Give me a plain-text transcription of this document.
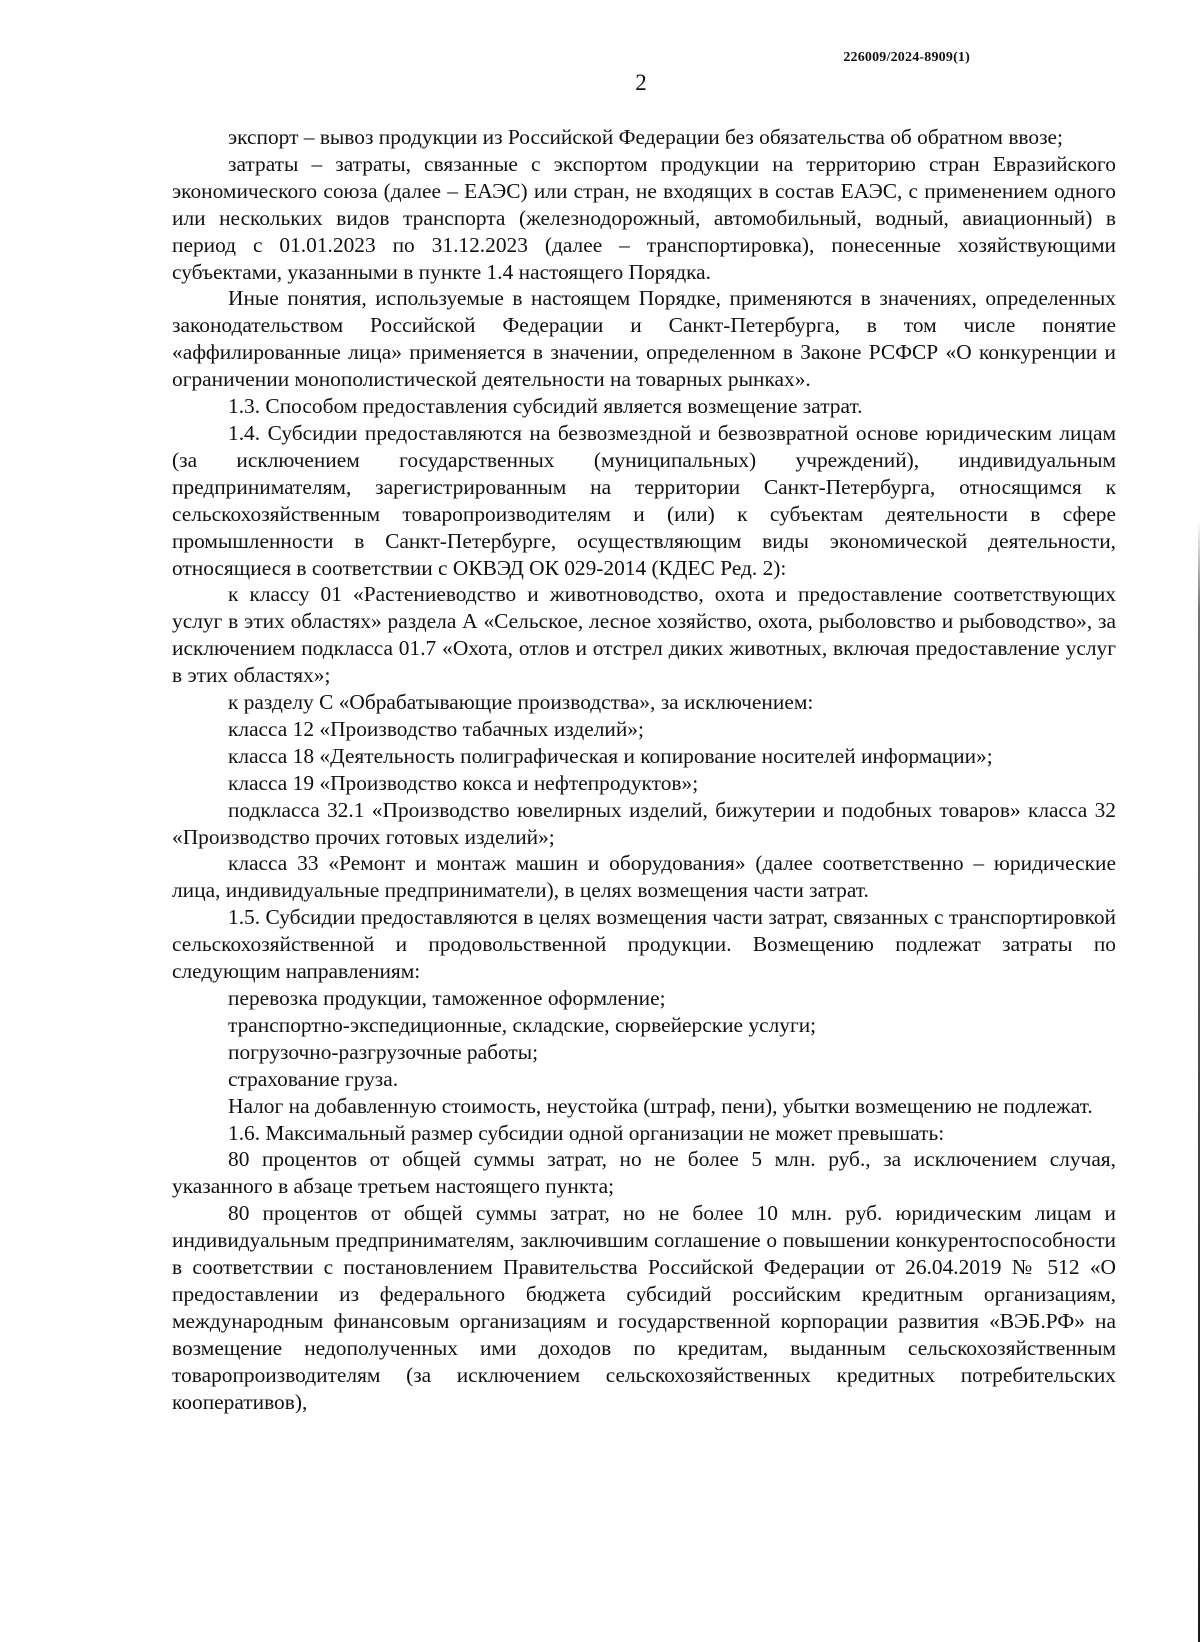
226009/2024-8909(1)
2

экспорт – вывоз продукции из Российской Федерации без обязательства об обратном ввозе;

затраты – затраты, связанные с экспортом продукции на территорию стран Евразийского экономического союза (далее – ЕАЭС) или стран, не входящих в состав ЕАЭС, с применением одного или нескольких видов транспорта (железнодорожный, автомобильный, водный, авиационный) в период с 01.01.2023 по 31.12.2023 (далее – транспортировка), понесенные хозяйствующими субъектами, указанными в пункте 1.4 настоящего Порядка.

Иные понятия, используемые в настоящем Порядке, применяются в значениях, определенных законодательством Российской Федерации и Санкт-Петербурга, в том числе понятие «аффилированные лица» применяется в значении, определенном в Законе РСФСР «О конкуренции и ограничении монополистической деятельности на товарных рынках».

1.3. Способом предоставления субсидий является возмещение затрат.

1.4. Субсидии предоставляются на безвозмездной и безвозвратной основе юридическим лицам (за исключением государственных (муниципальных) учреждений), индивидуальным предпринимателям, зарегистрированным на территории Санкт-Петербурга, относящимся к сельскохозяйственным товаропроизводителям и (или) к субъектам деятельности в сфере промышленности в Санкт-Петербурге, осуществляющим виды экономической деятельности, относящиеся в соответствии с ОКВЭД ОК 029-2014 (КДЕС Ред. 2):

к классу 01 «Растениеводство и животноводство, охота и предоставление соответствующих услуг в этих областях» раздела А «Сельское, лесное хозяйство, охота, рыболовство и рыбоводство», за исключением подкласса 01.7 «Охота, отлов и отстрел диких животных, включая предоставление услуг в этих областях»;

к разделу С «Обрабатывающие производства», за исключением:

класса 12 «Производство табачных изделий»;

класса 18 «Деятельность полиграфическая и копирование носителей информации»;

класса 19 «Производство кокса и нефтепродуктов»;

подкласса 32.1 «Производство ювелирных изделий, бижутерии и подобных товаров» класса 32 «Производство прочих готовых изделий»;

класса 33 «Ремонт и монтаж машин и оборудования» (далее соответственно – юридические лица, индивидуальные предприниматели), в целях возмещения части затрат.

1.5. Субсидии предоставляются в целях возмещения части затрат, связанных с транспортировкой сельскохозяйственной и продовольственной продукции. Возмещению подлежат затраты по следующим направлениям:

перевозка продукции, таможенное оформление;

транспортно-экспедиционные, складские, сюрвейерские услуги;

погрузочно-разгрузочные работы;

страхование груза.

Налог на добавленную стоимость, неустойка (штраф, пени), убытки возмещению не подлежат.

1.6. Максимальный размер субсидии одной организации не может превышать:

80 процентов от общей суммы затрат, но не более 5 млн. руб., за исключением случая, указанного в абзаце третьем настоящего пункта;

80 процентов от общей суммы затрат, но не более 10 млн. руб. юридическим лицам и индивидуальным предпринимателям, заключившим соглашение о повышении конкурентоспособности в соответствии с постановлением Правительства Российской Федерации от 26.04.2019 № 512 «О предоставлении из федерального бюджета субсидий российским кредитным организациям, международным финансовым организациям и государственной корпорации развития «ВЭБ.РФ» на возмещение недополученных ими доходов по кредитам, выданным сельскохозяйственным товаропроизводителям (за исключением сельскохозяйственных кредитных потребительских кооперативов),
